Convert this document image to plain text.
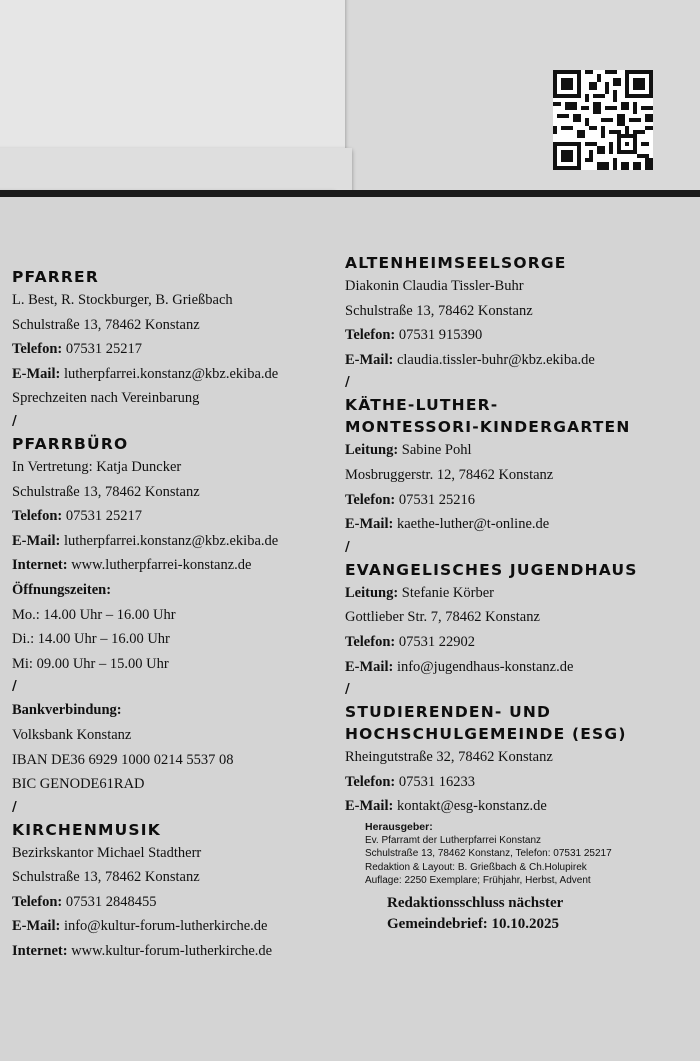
PFARRER
L. Best, R. Stockburger, B. Grießbach
Schulstraße 13, 78462 Konstanz
Telefon: 07531 25217
E-Mail: lutherpfarrei.konstanz@kbz.ekiba.de
Sprechzeiten nach Vereinbarung
/
PFARRBÜRO
In Vertretung: Katja Duncker
Schulstraße 13, 78462 Konstanz
Telefon: 07531 25217
E-Mail: lutherpfarrei.konstanz@kbz.ekiba.de
Internet: www.lutherpfarrei-konstanz.de
Öffnungszeiten:
Mo.: 14.00 Uhr – 16.00 Uhr
Di.: 14.00 Uhr – 16.00 Uhr
Mi: 09.00 Uhr – 15.00 Uhr
/
Bankverbindung:
Volksbank Konstanz
IBAN DE36 6929 1000 0214 5537 08
BIC GENODE61RAD
/
KIRCHENMUSIK
Bezirkskantor Michael Stadtherr
Schulstraße 13, 78462 Konstanz
Telefon: 07531 2848455
E-Mail: info@kultur-forum-lutherkirche.de
Internet: www.kultur-forum-lutherkirche.de
ALTENHEIMSEELSORGE
Diakonin Claudia Tissler-Buhr
Schulstraße 13, 78462 Konstanz
Telefon: 07531 915390
E-Mail: claudia.tissler-buhr@kbz.ekiba.de
/
KÄTHE-LUTHER-
MONTESSORI-KINDERGARTEN
Leitung: Sabine Pohl
Mosbruggerstr. 12, 78462 Konstanz
Telefon: 07531 25216
E-Mail: kaethe-luther@t-online.de
/
EVANGELISCHES JUGENDHAUS
Leitung: Stefanie Körber
Gottlieber Str. 7, 78462 Konstanz
Telefon: 07531 22902
E-Mail: info@jugendhaus-konstanz.de
/
STUDIERENDEN- UND
HOCHSCHULGEMEINDE (ESG)
Rheingutstraße 32, 78462 Konstanz
Telefon: 07531 16233
E-Mail: kontakt@esg-konstanz.de
Herausgeber:
Ev. Pfarramt der Lutherpfarrei Konstanz
Schulstraße 13, 78462 Konstanz, Telefon: 07531 25217
Redaktion & Layout: B. Grießbach & Ch.Holupirek
Auflage: 2250 Exemplare; Frühjahr, Herbst, Advent
Redaktionsschluss nächster
Gemeindebrief: 10.10.2025
